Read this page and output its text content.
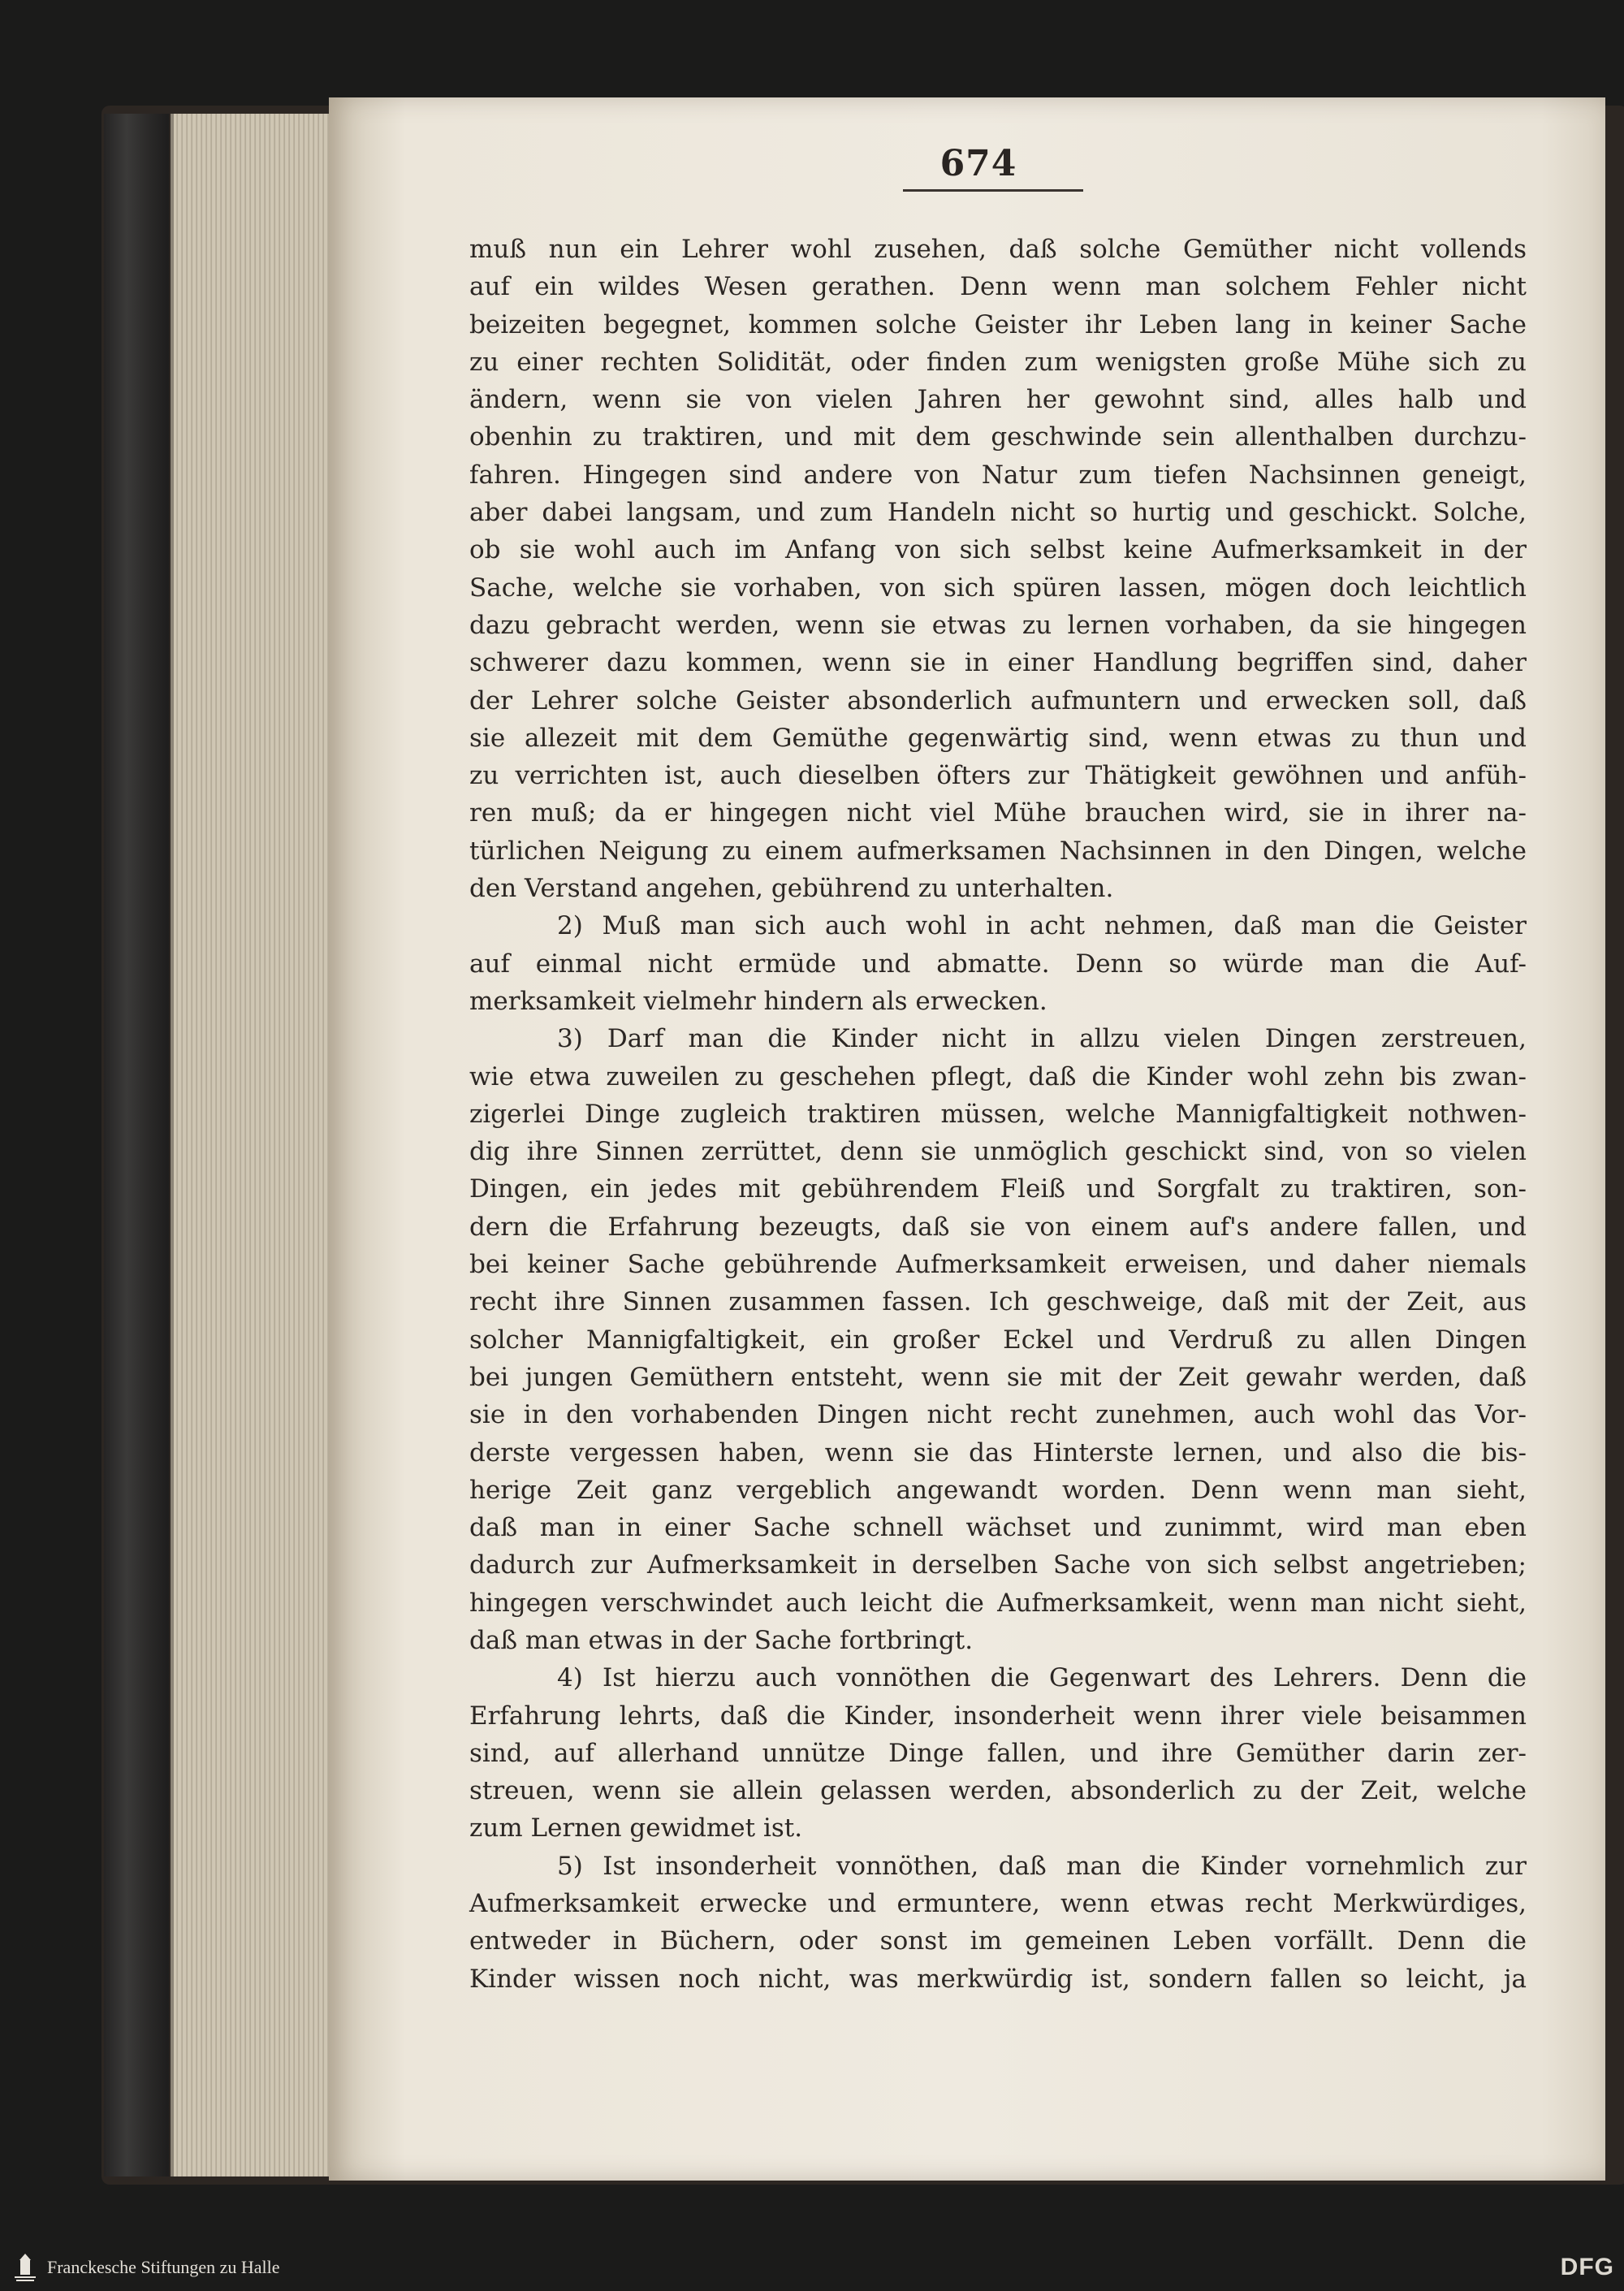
674
muß nun ein Lehrer wohl zusehen, daß solche Gemüther nicht vollends
auf ein wildes Wesen gerathen. Denn wenn man solchem Fehler nicht
beizeiten begegnet, kommen solche Geister ihr Leben lang in keiner Sache
zu einer rechten Solidität, oder finden zum wenigsten große Mühe sich zu
ändern, wenn sie von vielen Jahren her gewohnt sind, alles halb und
obenhin zu traktiren, und mit dem geschwinde sein allenthalben durchzu-
fahren. Hingegen sind andere von Natur zum tiefen Nachsinnen geneigt,
aber dabei langsam, und zum Handeln nicht so hurtig und geschickt. Solche,
ob sie wohl auch im Anfang von sich selbst keine Aufmerksamkeit in der
Sache, welche sie vorhaben, von sich spüren lassen, mögen doch leichtlich
dazu gebracht werden, wenn sie etwas zu lernen vorhaben, da sie hingegen
schwerer dazu kommen, wenn sie in einer Handlung begriffen sind, daher
der Lehrer solche Geister absonderlich aufmuntern und erwecken soll, daß
sie allezeit mit dem Gemüthe gegenwärtig sind, wenn etwas zu thun und
zu verrichten ist, auch dieselben öfters zur Thätigkeit gewöhnen und anfüh-
ren muß; da er hingegen nicht viel Mühe brauchen wird, sie in ihrer na-
türlichen Neigung zu einem aufmerksamen Nachsinnen in den Dingen, welche
den Verstand angehen, gebührend zu unterhalten.
2) Muß man sich auch wohl in acht nehmen, daß man die Geister
auf einmal nicht ermüde und abmatte. Denn so würde man die Auf-
merksamkeit vielmehr hindern als erwecken.
3) Darf man die Kinder nicht in allzu vielen Dingen zerstreuen,
wie etwa zuweilen zu geschehen pflegt, daß die Kinder wohl zehn bis zwan-
zigerlei Dinge zugleich traktiren müssen, welche Mannigfaltigkeit nothwen-
dig ihre Sinnen zerrüttet, denn sie unmöglich geschickt sind, von so vielen
Dingen, ein jedes mit gebührendem Fleiß und Sorgfalt zu traktiren, son-
dern die Erfahrung bezeugts, daß sie von einem auf's andere fallen, und
bei keiner Sache gebührende Aufmerksamkeit erweisen, und daher niemals
recht ihre Sinnen zusammen fassen. Ich geschweige, daß mit der Zeit, aus
solcher Mannigfaltigkeit, ein großer Eckel und Verdruß zu allen Dingen
bei jungen Gemüthern entsteht, wenn sie mit der Zeit gewahr werden, daß
sie in den vorhabenden Dingen nicht recht zunehmen, auch wohl das Vor-
derste vergessen haben, wenn sie das Hinterste lernen, und also die bis-
herige Zeit ganz vergeblich angewandt worden. Denn wenn man sieht,
daß man in einer Sache schnell wächset und zunimmt, wird man eben
dadurch zur Aufmerksamkeit in derselben Sache von sich selbst angetrieben;
hingegen verschwindet auch leicht die Aufmerksamkeit, wenn man nicht sieht,
daß man etwas in der Sache fortbringt.
4) Ist hierzu auch vonnöthen die Gegenwart des Lehrers. Denn die
Erfahrung lehrts, daß die Kinder, insonderheit wenn ihrer viele beisammen
sind, auf allerhand unnütze Dinge fallen, und ihre Gemüther darin zer-
streuen, wenn sie allein gelassen werden, absonderlich zu der Zeit, welche
zum Lernen gewidmet ist.
5) Ist insonderheit vonnöthen, daß man die Kinder vornehmlich zur
Aufmerksamkeit erwecke und ermuntere, wenn etwas recht Merkwürdiges,
entweder in Büchern, oder sonst im gemeinen Leben vorfällt. Denn die
Kinder wissen noch nicht, was merkwürdig ist, sondern fallen so leicht, ja
Franckesche Stiftungen zu Halle	DFG
